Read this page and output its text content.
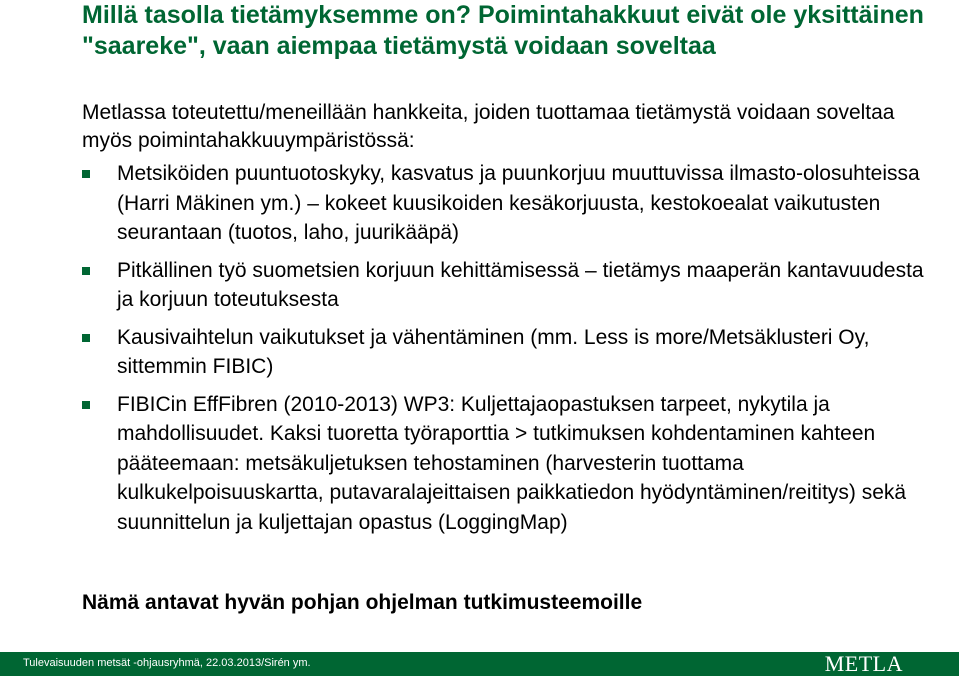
Millä tasolla tietämyksemme on? Poimintahakkuut eivät ole yksittäinen "saareke", vaan aiempaa tietämystä voidaan soveltaa

Metlassa toteutettu/meneillään hankkeita, joiden tuottamaa tietämystä voidaan soveltaa myös poimintahakkuuympäristössä:

Metsiköiden puuntuotoskyky, kasvatus ja puunkorjuu muuttuvissa ilmasto-olosuhteissa (Harri Mäkinen ym.) – kokeet kuusikoiden kesäkorjuusta, kestokoealat vaikutusten seurantaan (tuotos, laho, juurikääpä)
Pitkällinen työ suometsien korjuun kehittämisessä – tietämys maaperän kantavuudesta ja korjuun toteutuksesta
Kausivaihtelun vaikutukset ja vähentäminen (mm. Less is more/Metsäklusteri Oy, sittemmin FIBIC)
FIBICin EffFibren (2010-2013) WP3: Kuljettajaopastuksen tarpeet, nykytila ja mahdollisuudet. Kaksi tuoretta työraporttia > tutkimuksen kohdentaminen kahteen pääteemaan: metsäkuljetuksen tehostaminen (harvesterin tuottama kulkukelpoisuuskartta, putavaralajeittaisen paikkatiedon hyödyntäminen/reititys) sekä suunnittelun ja kuljettajan opastus (LoggingMap)

Nämä antavat hyvän pohjan ohjelman tutkimusteemoille

Tulevaisuuden metsät -ohjausryhmä, 22.03.2013/Sirén ym.	METLA
